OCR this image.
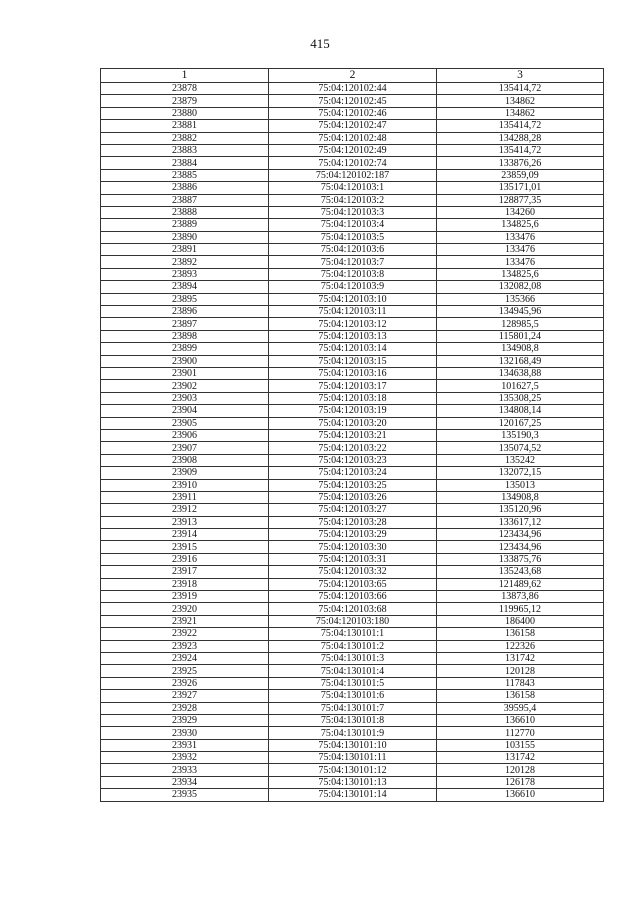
415
1	2	3
23878	75:04:120102:44	135414,72
23879	75:04:120102:45	134862
23880	75:04:120102:46	134862
23881	75:04:120102:47	135414,72
23882	75:04:120102:48	134288,28
23883	75:04:120102:49	135414,72
23884	75:04:120102:74	133876,26
23885	75:04:120102:187	23859,09
23886	75:04:120103:1	135171,01
23887	75:04:120103:2	128877,35
23888	75:04:120103:3	134260
23889	75:04:120103:4	134825,6
23890	75:04:120103:5	133476
23891	75:04:120103:6	133476
23892	75:04:120103:7	133476
23893	75:04:120103:8	134825,6
23894	75:04:120103:9	132082,08
23895	75:04:120103:10	135366
23896	75:04:120103:11	134945,96
23897	75:04:120103:12	128985,5
23898	75:04:120103:13	115801,24
23899	75:04:120103:14	134908,8
23900	75:04:120103:15	132168,49
23901	75:04:120103:16	134638,88
23902	75:04:120103:17	101627,5
23903	75:04:120103:18	135308,25
23904	75:04:120103:19	134808,14
23905	75:04:120103:20	120167,25
23906	75:04:120103:21	135190,3
23907	75:04:120103:22	135074,52
23908	75:04:120103:23	135242
23909	75:04:120103:24	132072,15
23910	75:04:120103:25	135013
23911	75:04:120103:26	134908,8
23912	75:04:120103:27	135120,96
23913	75:04:120103:28	133617,12
23914	75:04:120103:29	123434,96
23915	75:04:120103:30	123434,96
23916	75:04:120103:31	133875,76
23917	75:04:120103:32	135243,68
23918	75:04:120103:65	121489,62
23919	75:04:120103:66	13873,86
23920	75:04:120103:68	119965,12
23921	75:04:120103:180	186400
23922	75:04:130101:1	136158
23923	75:04:130101:2	122326
23924	75:04:130101:3	131742
23925	75:04:130101:4	120128
23926	75:04:130101:5	117843
23927	75:04:130101:6	136158
23928	75:04:130101:7	39595,4
23929	75:04:130101:8	136610
23930	75:04:130101:9	112770
23931	75:04:130101:10	103155
23932	75:04:130101:11	131742
23933	75:04:130101:12	120128
23934	75:04:130101:13	126178
23935	75:04:130101:14	136610
